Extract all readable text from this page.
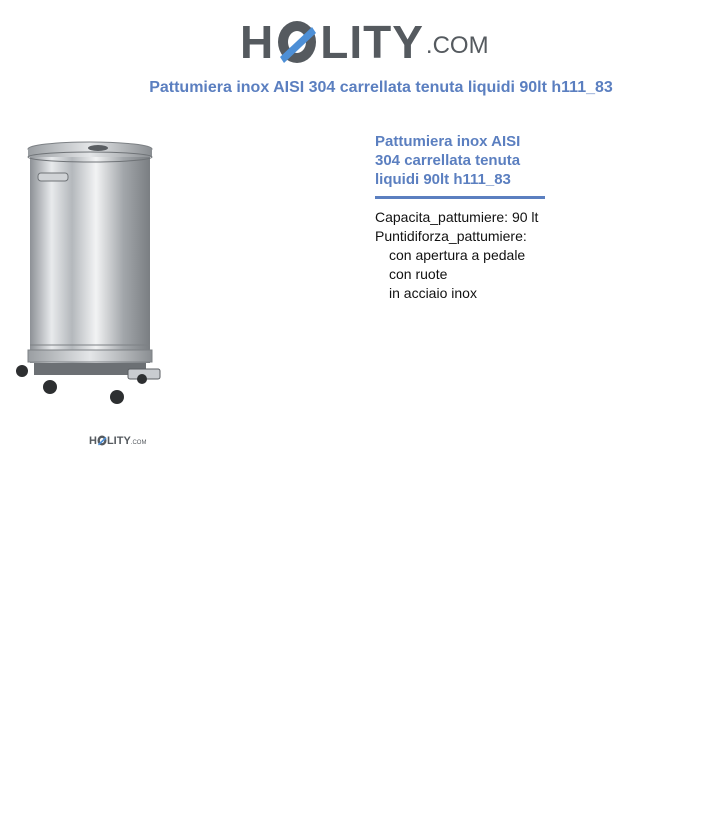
H LITY .COM
Pattumiera inox AISI 304 carrellata tenuta liquidi 90lt h111_83
H LITY .COM
Pattumiera inox AISI 304 carrellata tenuta liquidi 90lt h111_83
Capacita_pattumiere: 90 lt
Puntidiforza_pattumiere:
con apertura a pedale
con ruote
in acciaio inox
